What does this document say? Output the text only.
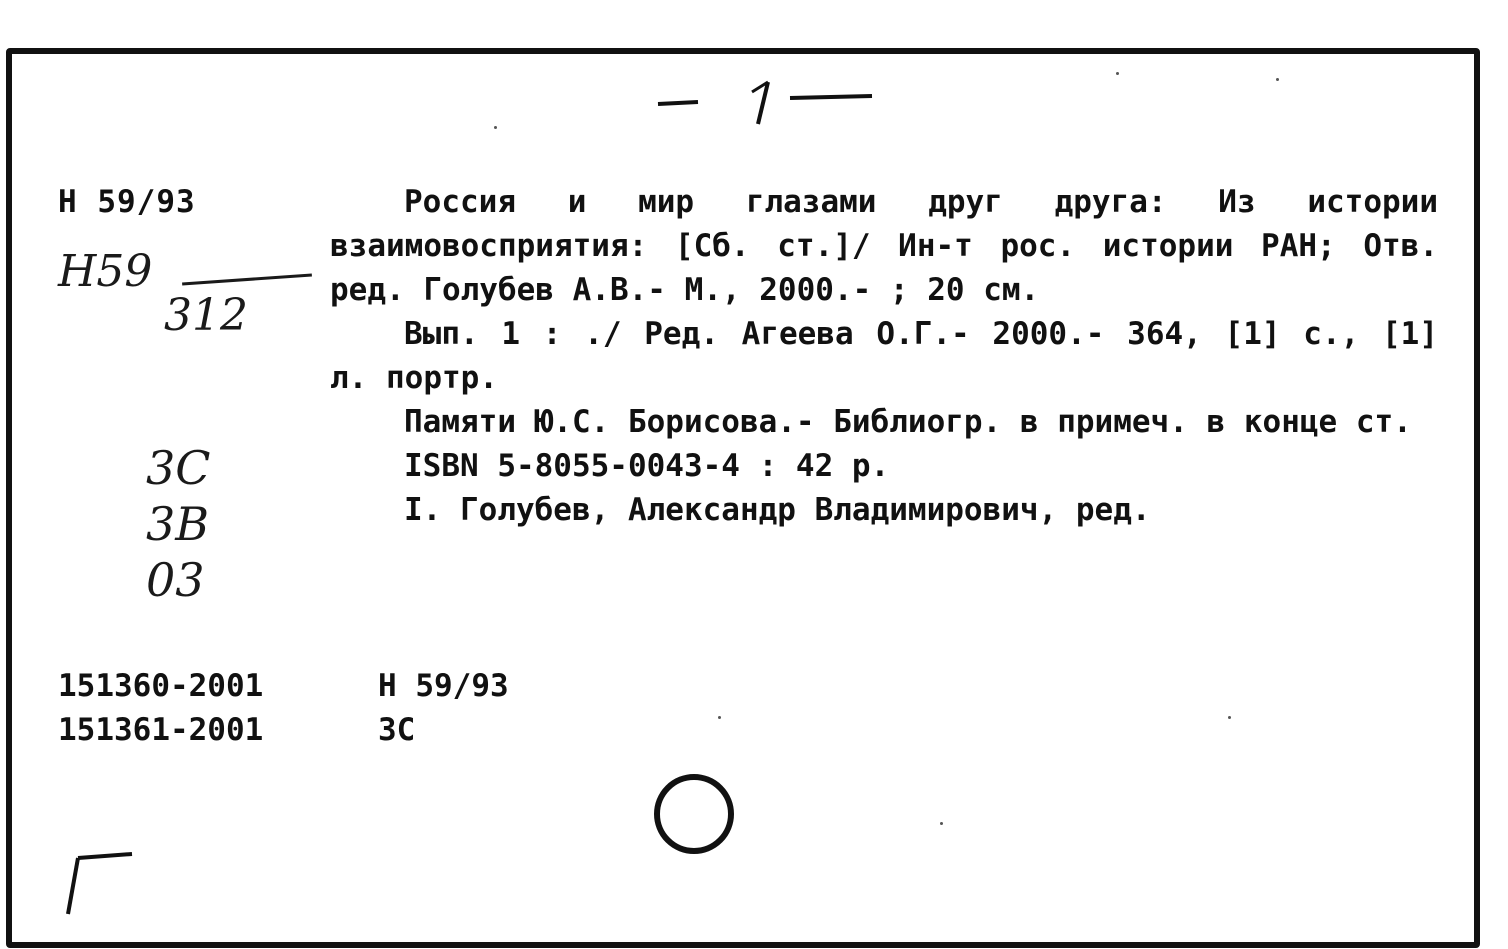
Н 59/93
Н59
312
3С
3В
03

Россия и мир глазами друг друга: Из истории взаимовосприятия: [Сб. ст.]/ Ин-т рос. истории РАН; Отв. ред. Голубев А.В.- М., 2000.- ; 20 см.

Вып. 1 : ./ Ред. Агеева О.Г.- 2000.- 364, [1] с., [1] л. портр.

Памяти Ю.С. Борисова.- Библиогр. в примеч. в конце ст.

ISBN 5-8055-0043-4 : 42 р.

I. Голубев, Александр Владимирович, ред.

151360-2001	Н 59/93
151361-2001	3С
